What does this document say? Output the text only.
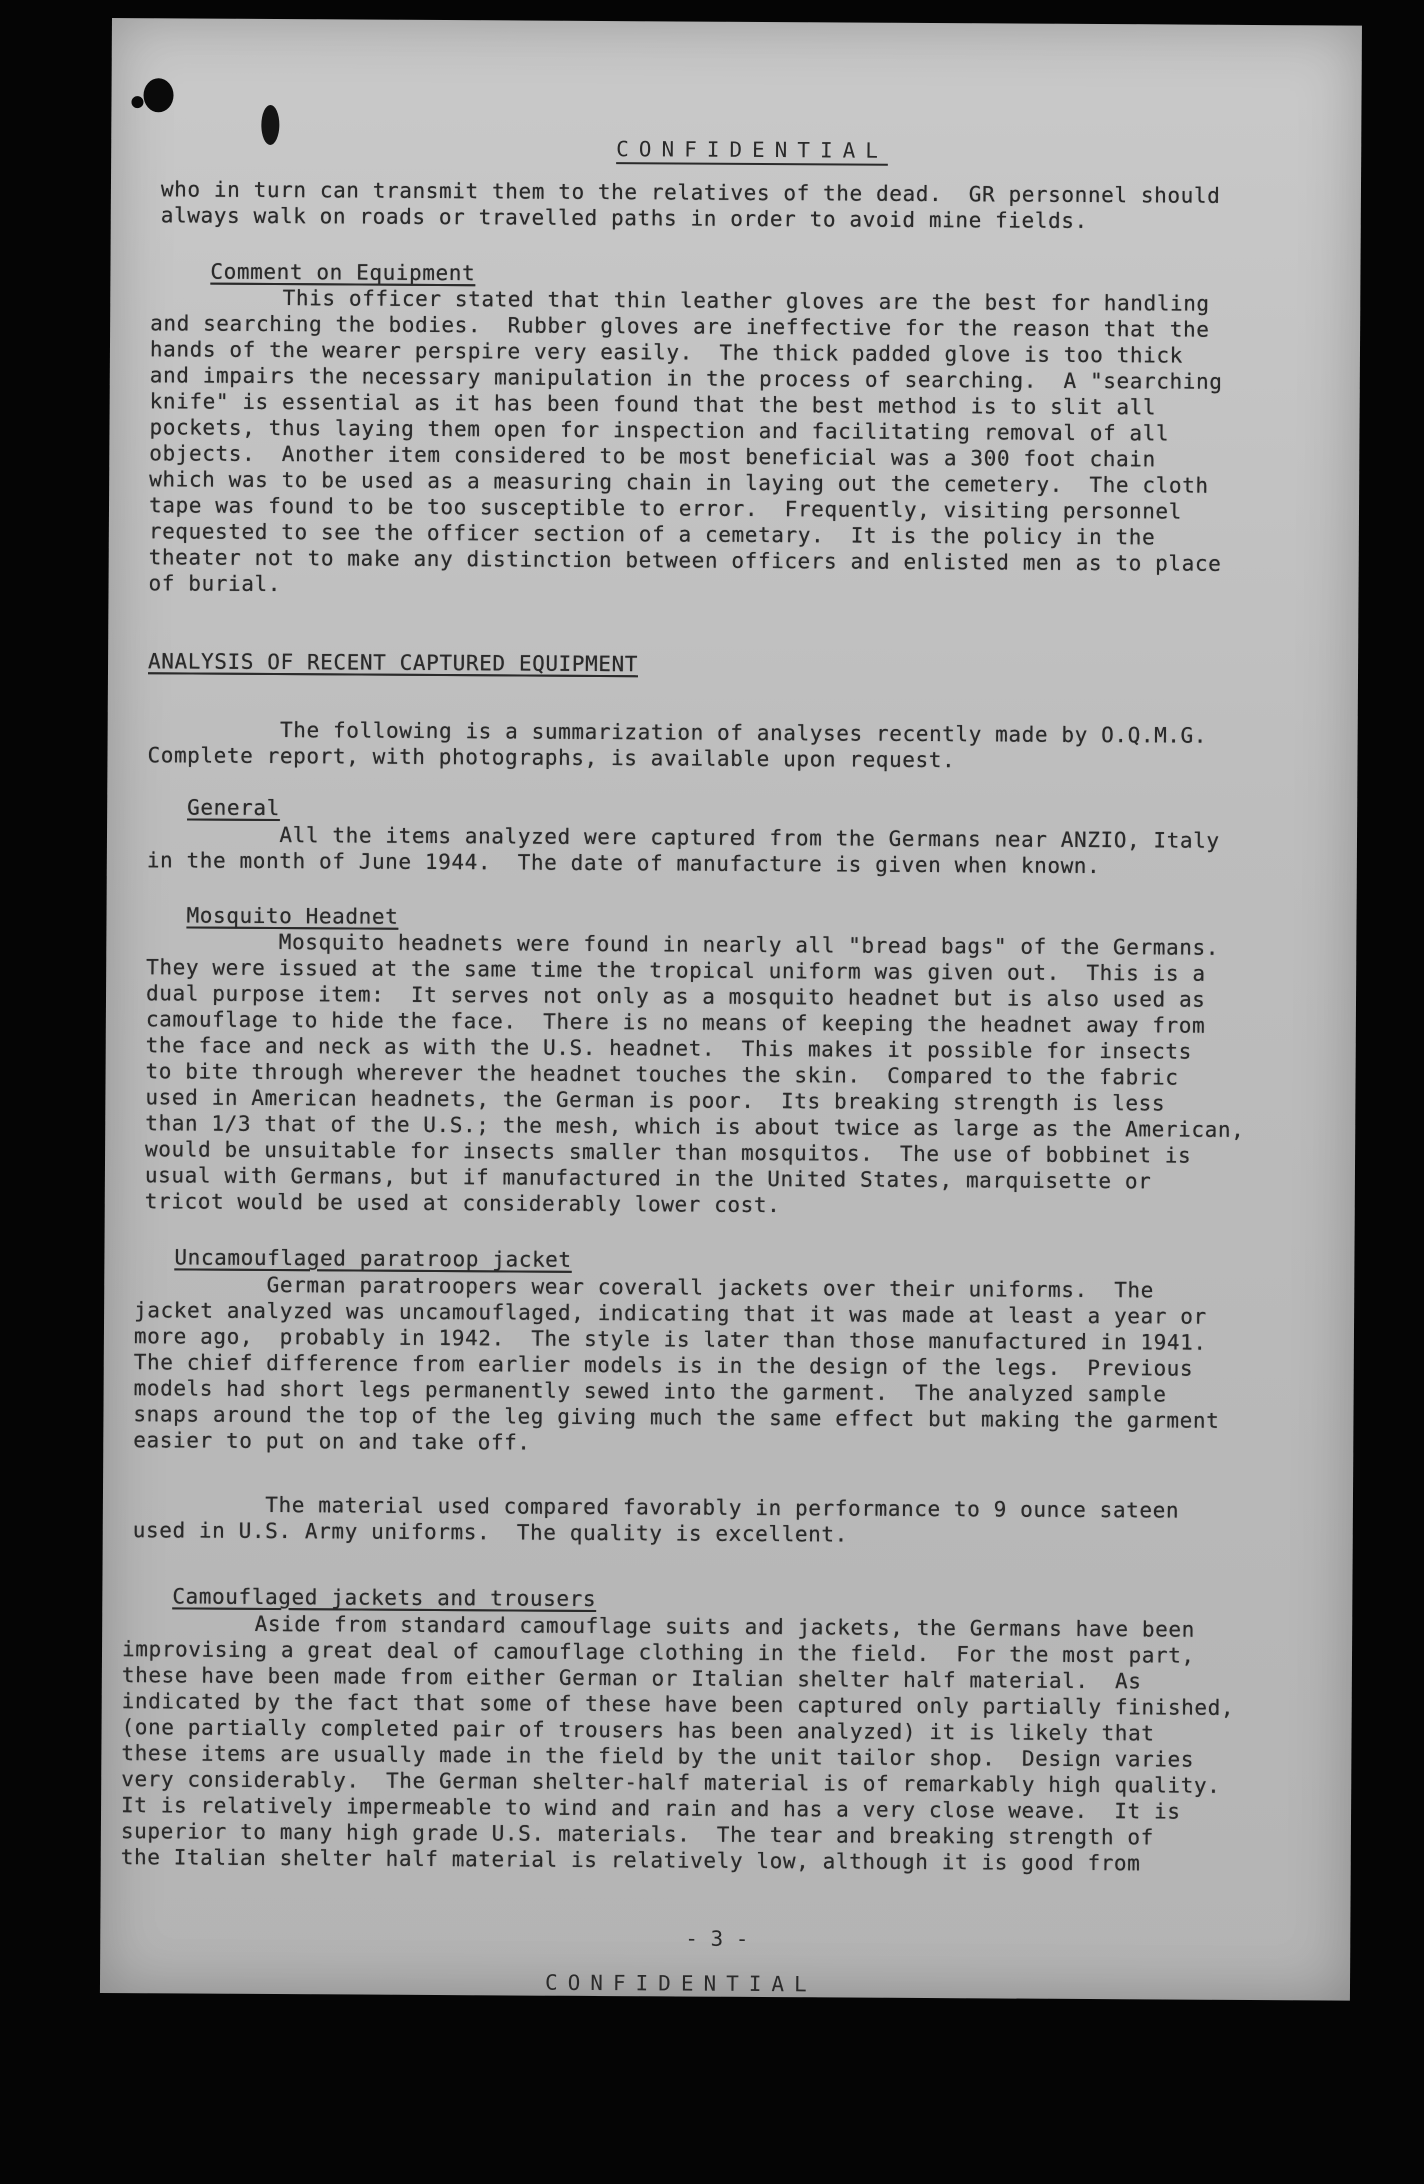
CONFIDENTIAL
who in turn can transmit them to the relatives of the dead.  GR personnel should
always walk on roads or travelled paths in order to avoid mine fields.
Comment on Equipment
This officer stated that thin leather gloves are the best for handling
and searching the bodies.  Rubber gloves are ineffective for the reason that the
hands of the wearer perspire very easily.  The thick padded glove is too thick
and impairs the necessary manipulation in the process of searching.  A "searching
knife" is essential as it has been found that the best method is to slit all
pockets, thus laying them open for inspection and facilitating removal of all
objects.  Another item considered to be most beneficial was a 300 foot chain
which was to be used as a measuring chain in laying out the cemetery.  The cloth
tape was found to be too susceptible to error.  Frequently, visiting personnel
requested to see the officer section of a cemetary.  It is the policy in the
theater not to make any distinction between officers and enlisted men as to place
of burial.
ANALYSIS OF RECENT CAPTURED EQUIPMENT
The following is a summarization of analyses recently made by O.Q.M.G.
Complete report, with photographs, is available upon request.
General
All the items analyzed were captured from the Germans near ANZIO, Italy
in the month of June 1944.  The date of manufacture is given when known.
Mosquito Headnet
Mosquito headnets were found in nearly all "bread bags" of the Germans.
They were issued at the same time the tropical uniform was given out.  This is a
dual purpose item:  It serves not only as a mosquito headnet but is also used as
camouflage to hide the face.  There is no means of keeping the headnet away from
the face and neck as with the U.S. headnet.  This makes it possible for insects
to bite through wherever the headnet touches the skin.  Compared to the fabric
used in American headnets, the German is poor.  Its breaking strength is less
than 1/3 that of the U.S.; the mesh, which is about twice as large as the American,
would be unsuitable for insects smaller than mosquitos.  The use of bobbinet is
usual with Germans, but if manufactured in the United States, marquisette or
tricot would be used at considerably lower cost.
Uncamouflaged paratroop jacket
German paratroopers wear coverall jackets over their uniforms.  The
jacket analyzed was uncamouflaged, indicating that it was made at least a year or
more ago,  probably in 1942.  The style is later than those manufactured in 1941.
The chief difference from earlier models is in the design of the legs.  Previous
models had short legs permanently sewed into the garment.  The analyzed sample
snaps around the top of the leg giving much the same effect but making the garment
easier to put on and take off.
The material used compared favorably in performance to 9 ounce sateen
used in U.S. Army uniforms.  The quality is excellent.
Camouflaged jackets and trousers
Aside from standard camouflage suits and jackets, the Germans have been
improvising a great deal of camouflage clothing in the field.  For the most part,
these have been made from either German or Italian shelter half material.  As
indicated by the fact that some of these have been captured only partially finished,
(one partially completed pair of trousers has been analyzed) it is likely that
these items are usually made in the field by the unit tailor shop.  Design varies
very considerably.  The German shelter-half material is of remarkably high quality.
It is relatively impermeable to wind and rain and has a very close weave.  It is
superior to many high grade U.S. materials.  The tear and breaking strength of
the Italian shelter half material is relatively low, although it is good from
- 3 -
CONFIDENTIAL
